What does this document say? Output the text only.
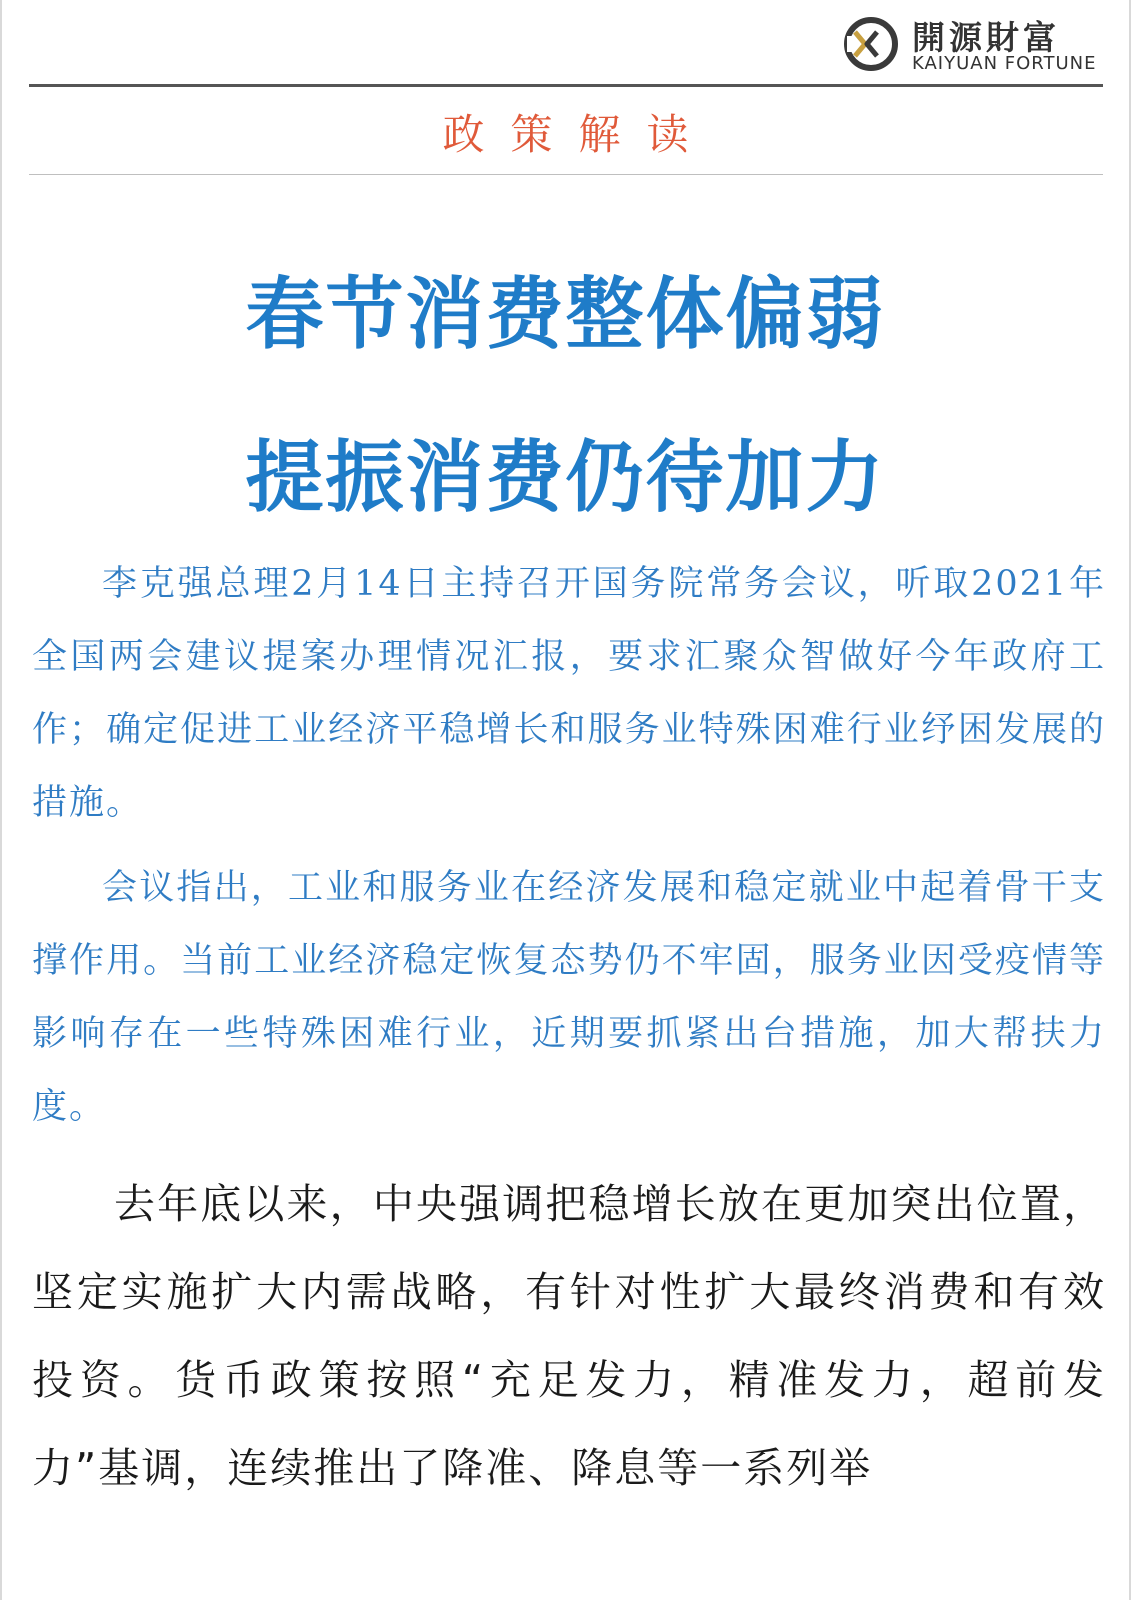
開源財富
KAIYUAN FORTUNE
政策解读
春节消费整体偏弱
提振消费仍待加力

李克强总理2月14日主持召开国务院常务会议，听取2021年全国两会建议提案办理情况汇报，要求汇聚众智做好今年政府工作；确定促进工业经济平稳增长和服务业特殊困难行业纾困发展的措施。

会议指出，工业和服务业在经济发展和稳定就业中起着骨干支撑作用。当前工业经济稳定恢复态势仍不牢固，服务业因受疫情等影响存在一些特殊困难行业，近期要抓紧出台措施，加大帮扶力度。

去年底以来，中央强调把稳增长放在更加突出位置，坚定实施扩大内需战略，有针对性扩大最终消费和有效投资。货币政策按照“充足发力，精准发力，超前发力”基调，连续推出了降准、降息等一系列举
